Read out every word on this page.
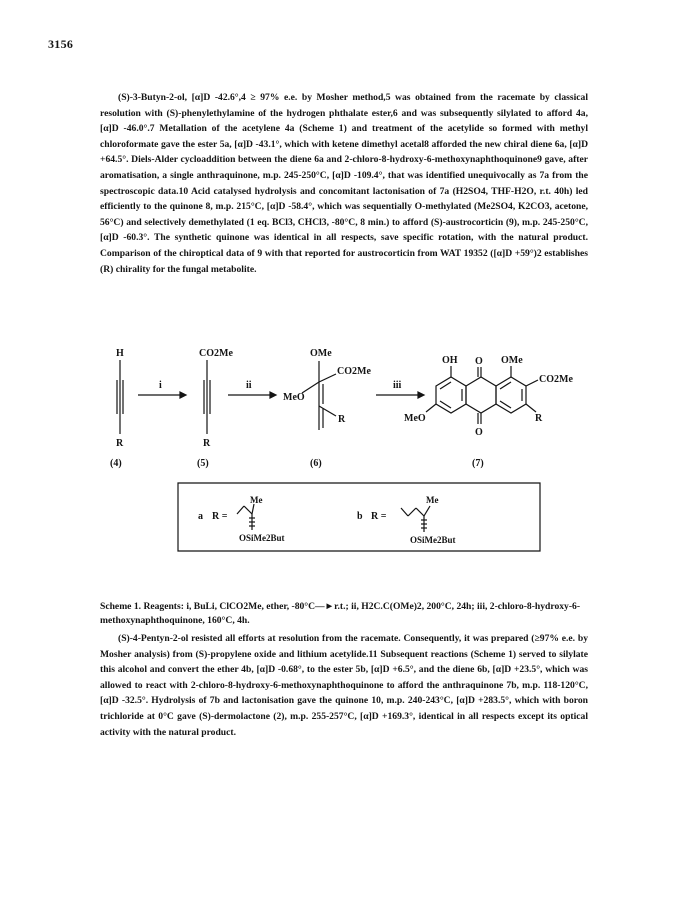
3156
(S)-3-Butyn-2-ol, [α]D -42.6°,4 ≥ 97% e.e. by Mosher method,5 was obtained from the racemate by classical resolution with (S)-phenylethylamine of the hydrogen phthalate ester,6 and was subsequently silylated to afford 4a, [α]D -46.0°.7 Metallation of the acetylene 4a (Scheme 1) and treatment of the acetylide so formed with methyl chloroformate gave the ester 5a, [α]D -43.1°, which with ketene dimethyl acetal8 afforded the new chiral diene 6a, [α]D +64.5°. Diels-Alder cycloaddition between the diene 6a and 2-chloro-8-hydroxy-6-methoxynaphthoquinone9 gave, after aromatisation, a single anthraquinone, m.p. 245-250°C, [α]D -109.4°, that was identified unequivocally as 7a from the spectroscopic data.10 Acid catalysed hydrolysis and concomitant lactonisation of 7a (H2SO4, THF-H2O, r.t. 40h) led efficiently to the quinone 8, m.p. 215°C, [α]D -58.4°, which was sequentially O-methylated (Me2SO4, K2CO3, acetone, 56°C) and selectively demethylated (1 eq. BCl3, CHCl3, -80°C, 8 min.) to afford (S)-austrocorticin (9), m.p. 245-250°C, [α]D -60.3°. The synthetic quinone was identical in all respects, save specific rotation, with the natural product. Comparison of the chiroptical data of 9 with that reported for austrocorticin from WAT 19352 ([α]D +59°)2 establishes (R) chirality for the fungal metabolite.
H
R
(4)
i
CO2Me
R
(5)
ii
OMe
MeO
CO2Me
R
(6)
iii
OH O OMe
CO2Me
MeO	R
O
(7)
a R =
Me
OSiMe2But
b R =
Me
OSiMe2But
Scheme 1. Reagents: i, BuLi, ClCO2Me, ether, -80°C—►r.t.; ii, H2C.C(OMe)2, 200°C, 24h; iii, 2-chloro-8-hydroxy-6-methoxynaphthoquinone, 160°C, 4h.
(S)-4-Pentyn-2-ol resisted all efforts at resolution from the racemate. Consequently, it was prepared (≥97% e.e. by Mosher analysis) from (S)-propylene oxide and lithium acetylide.11 Subsequent reactions (Scheme 1) served to silylate this alcohol and convert the ether 4b, [α]D -0.68°, to the ester 5b, [α]D +6.5°, and the diene 6b, [α]D +23.5°, which was allowed to react with 2-chloro-8-hydroxy-6-methoxynaphthoquinone to afford the anthraquinone 7b, m.p. 118-120°C, [α]D -32.5°. Hydrolysis of 7b and lactonisation gave the quinone 10, m.p. 240-243°C, [α]D +283.5°, which with boron trichloride at 0°C gave (S)-dermolactone (2), m.p. 255-257°C, [α]D +169.3°, identical in all respects except its optical activity with the natural product.
